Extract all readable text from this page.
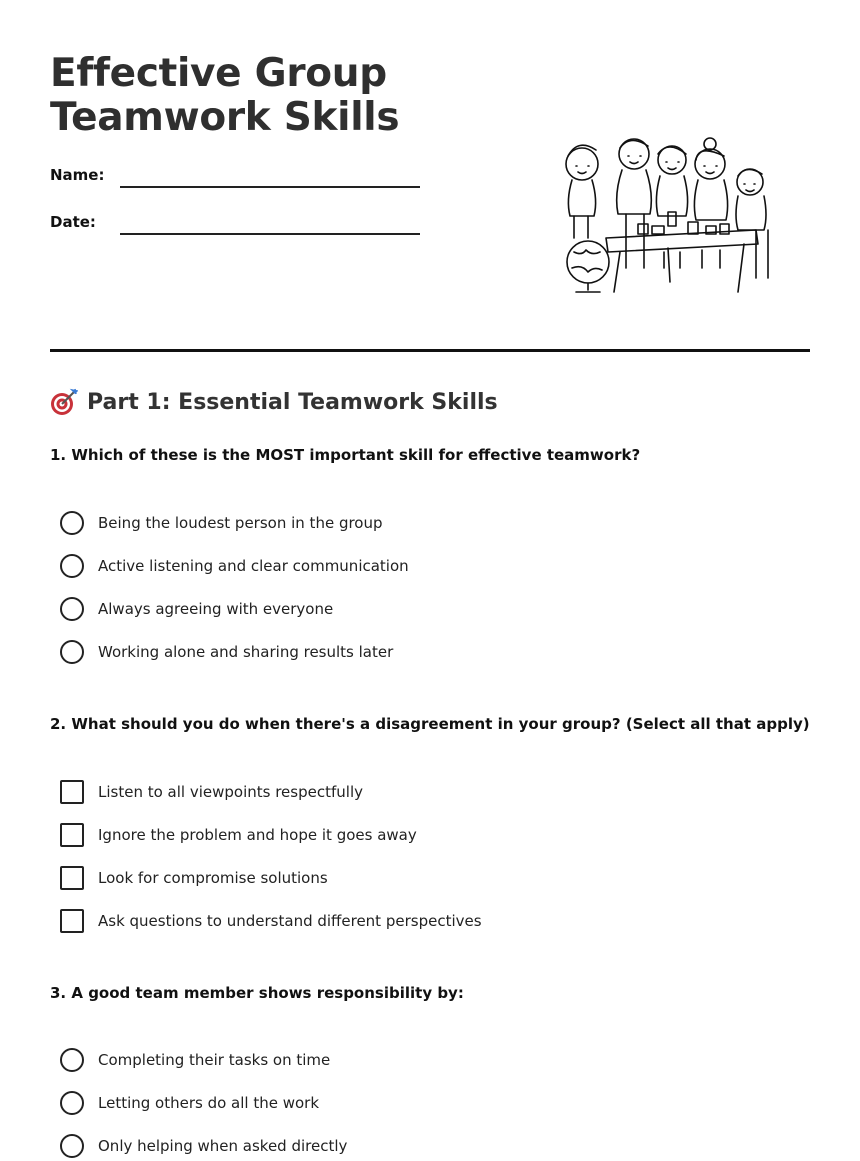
Effective Group
Teamwork Skills
Name:
Date:
Part 1: Essential Teamwork Skills

1. Which of these is the MOST important skill for effective teamwork?

Being the loudest person in the group
Active listening and clear communication
Always agreeing with everyone
Working alone and sharing results later

2. What should you do when there's a disagreement in your group? (Select all that apply)

Listen to all viewpoints respectfully
Ignore the problem and hope it goes away
Look for compromise solutions
Ask questions to understand different perspectives

3. A good team member shows responsibility by:

Completing their tasks on time
Letting others do all the work
Only helping when asked directly
